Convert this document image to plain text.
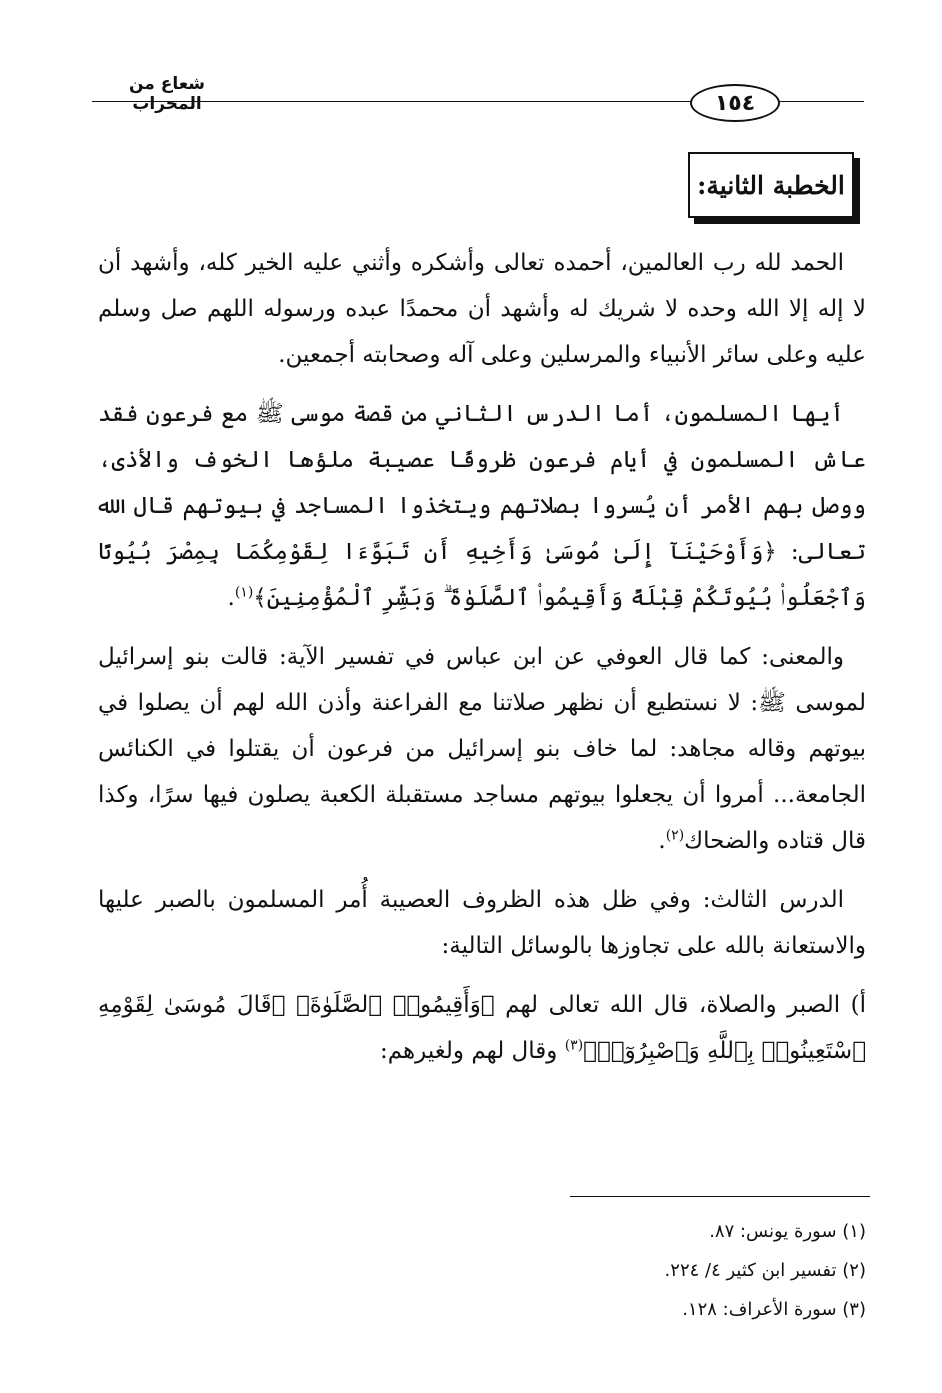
شعاع من المحراب	١٥٤
الخطبة الثانية:

الحمد لله رب العالمين، أحمده تعالى وأشكره وأثني عليه الخير كله، وأشهد أن لا إله إلا الله وحده لا شريك له وأشهد أن محمدًا عبده ورسوله اللهم صل وسلم عليه وعلى سائر الأنبياء والمرسلين وعلى آله وصحابته أجمعين.

أيها المسلمون، أما الدرس الثاني من قصة موسى ﷺ مع فرعون فقد عاش المسلمون في أيام فرعون ظروفًا عصيبة ملؤها الخوف والأذى، ووصل بهم الأمر أن يُسروا بصلاتهم ويتخذوا المساجد في بيوتهم قال الله تعالى: ﴿وَأَوْحَيْنَآ إِلَىٰ مُوسَىٰ وَأَخِيهِ أَن تَبَوَّءَا لِقَوْمِكُمَا بِمِصْرَ بُيُوتًا وَٱجْعَلُوا۟ بُيُوتَكُمْ قِبْلَةً وَأَقِيمُوا۟ ٱلصَّلَوٰةَ ۗ وَبَشِّرِ ٱلْمُؤْمِنِينَ﴾$^{(١)}$.

والمعنى: كما قال العوفي عن ابن عباس في تفسير الآية: قالت بنو إسرائيل لموسى ﷺ: لا نستطيع أن نظهر صلاتنا مع الفراعنة وأذن الله لهم أن يصلوا في بيوتهم وقاله مجاهد: لما خاف بنو إسرائيل من فرعون أن يقتلوا في الكنائس الجامعة... أمروا أن يجعلوا بيوتهم مساجد مستقبلة الكعبة يصلون فيها سرًا، وكذا قال قتاده والضحاك$^{(٢)}$.

الدرس الثالث: وفي ظل هذه الظروف العصيبة أُمر المسلمون بالصبر عليها والاستعانة بالله على تجاوزها بالوسائل التالية:

أ) الصبر والصلاة، قال الله تعالى لهم ﴿وَأَقِيمُوا۟ ٱلصَّلَوٰةَ﴾ ﴿قَالَ مُوسَىٰ لِقَوْمِهِ ٱسْتَعِينُوا۟ بِٱللَّهِ وَٱصْبِرُوٓا۟﴾$^{(٣)}$ وقال لهم ولغيرهم:

(١) سورة يونس: ٨٧.
(٢) تفسير ابن كثير ٤/ ٢٢٤.
(٣) سورة الأعراف: ١٢٨.
